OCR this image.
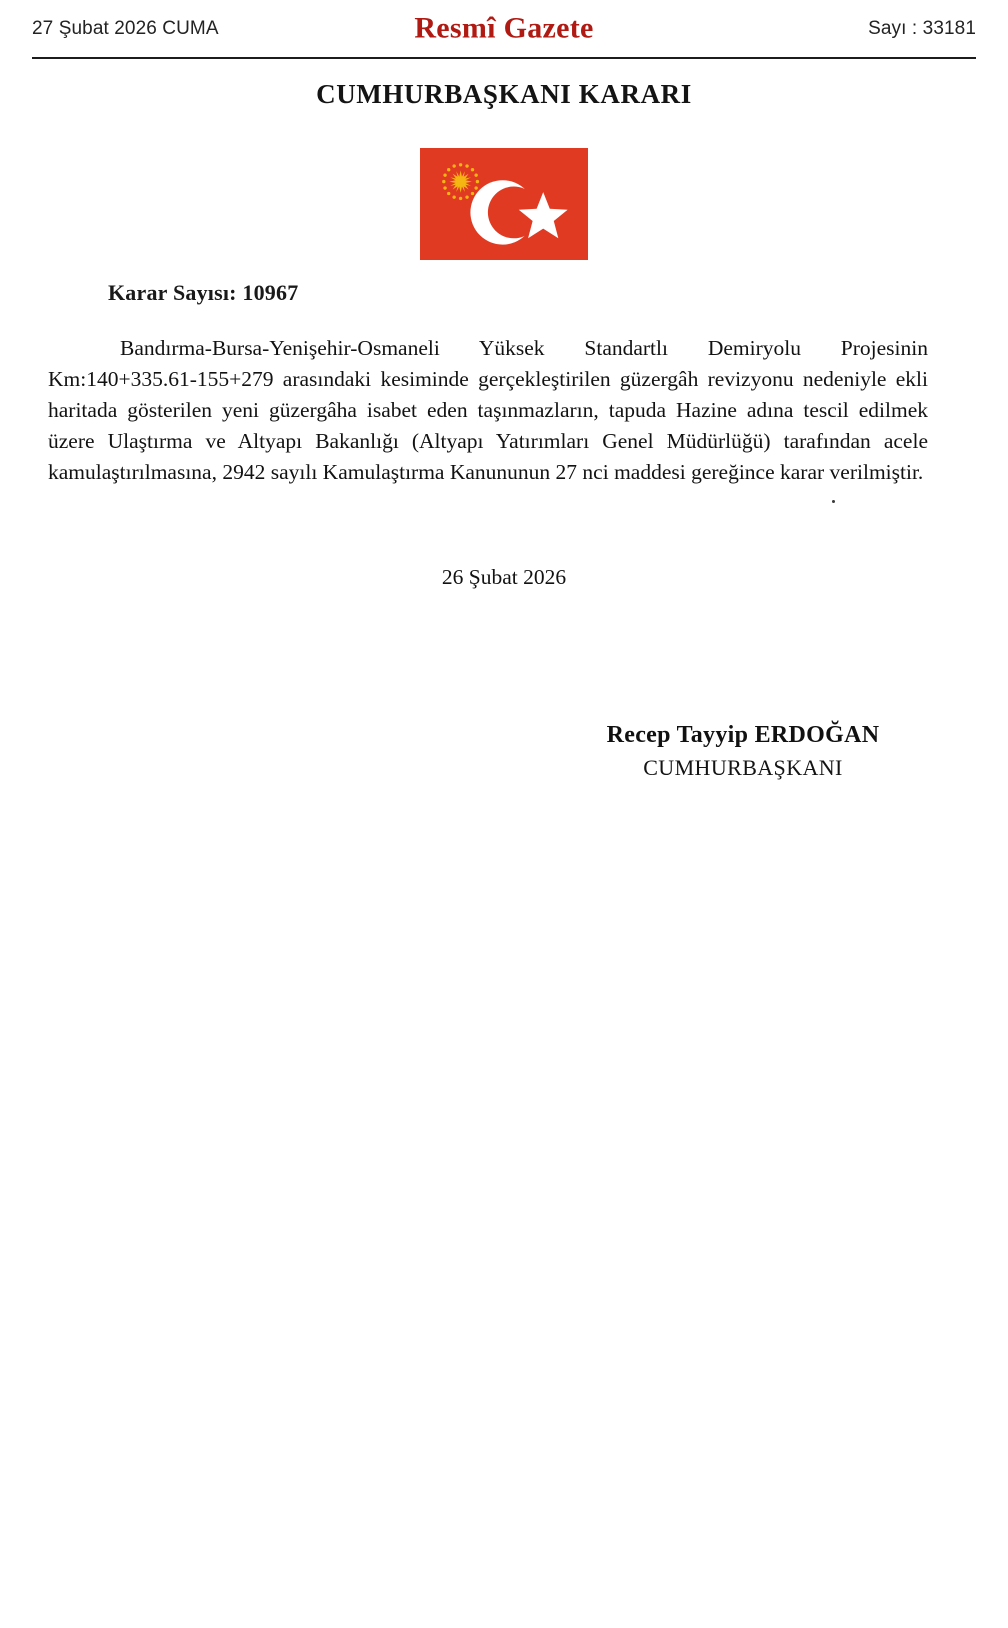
27 Şubat 2026 CUMA	Resmî Gazete	Sayı : 33181
CUMHURBAŞKANI KARARI
Karar Sayısı: 10967

Bandırma-Bursa-Yenişehir-Osmaneli Yüksek Standartlı Demiryolu Projesinin Km:140+335.61-155+279 arasındaki kesiminde gerçekleştirilen güzergâh revizyonu nedeniyle ekli haritada gösterilen yeni güzergâha isabet eden taşınmazların, tapuda Hazine adına tescil edilmek üzere Ulaştırma ve Altyapı Bakanlığı (Altyapı Yatırımları Genel Müdürlüğü) tarafından acele kamulaştırılmasına, 2942 sayılı Kamulaştırma Kanununun 27 nci maddesi gereğince karar verilmiştir.

26 Şubat 2026
Recep Tayyip ERDOĞAN
CUMHURBAŞKANI
